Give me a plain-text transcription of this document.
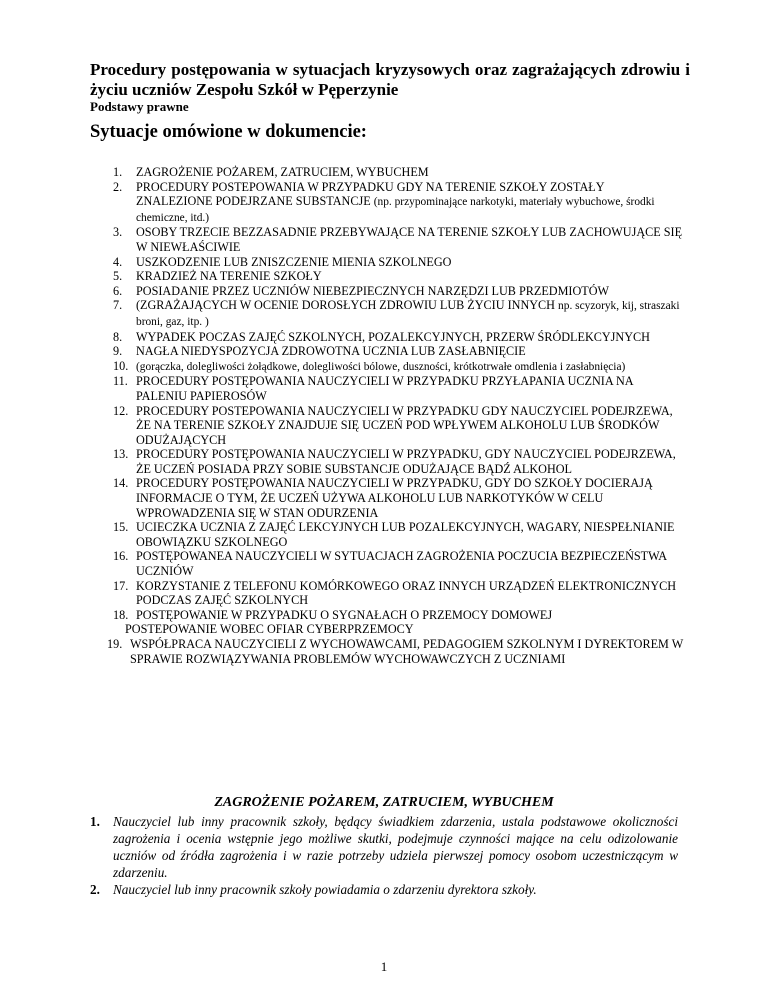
Procedury postępowania w sytuacjach kryzysowych oraz zagrażających zdrowiu i życiu uczniów Zespołu Szkół w Pęperzynie
Podstawy prawne
Sytuacje omówione w dokumencie:
1.	ZAGROŻENIE POŻAREM, ZATRUCIEM, WYBUCHEM
2.	PROCEDURY POSTEPOWANIA W PRZYPADKU GDY NA TERENIE SZKOŁY ZOSTAŁY ZNALEZIONE PODEJRZANE SUBSTANCJE (np. przypominające narkotyki, materiały wybuchowe, środki chemiczne, itd.)
3.	OSOBY TRZECIE BEZZASADNIE PRZEBYWAJĄCE NA TERENIE SZKOŁY LUB ZACHOWUJĄCE SIĘ W NIEWŁAŚCIWIE
4.	USZKODZENIE LUB ZNISZCZENIE MIENIA SZKOLNEGO
5.	KRADZIEŻ NA TERENIE SZKOŁY
6.	POSIADANIE PRZEZ UCZNIÓW NIEBEZPIECZNYCH NARZĘDZI LUB PRZEDMIOTÓW
7.	(ZGRAŻAJĄCYCH W OCENIE DOROSŁYCH ZDROWIU LUB ŻYCIU INNYCH np. scyzoryk, kij, straszaki broni, gaz, itp. )
8.	WYPADEK POCZAS ZAJĘĆ SZKOLNYCH, POZALEKCYJNYCH, PRZERW ŚRÓDLEKCYJNYCH
9.	NAGŁA NIEDYSPOZYCJA ZDROWOTNA UCZNIA LUB ZASŁABNIĘCIE
10. (gorączka, dolegliwości żołądkowe, dolegliwości bólowe, duszności, krótkotrwałe omdlenia i zasłabnięcia)
11. PROCEDURY POSTĘPOWANIA NAUCZYCIELI W PRZYPADKU PRZYŁAPANIA UCZNIA NA PALENIU PAPIEROSÓW
12. PROCEDURY POSTEPOWANIA NAUCZYCIELI W PRZYPADKU GDY NAUCZYCIEL PODEJRZEWA, ŻE NA TERENIE SZKOŁY ZNAJDUJE SIĘ UCZEŃ POD WPŁYWEM ALKOHOLU LUB ŚRODKÓW ODUŻAJĄCYCH
13. PROCEDURY POSTĘPOWANIA NAUCZYCIELI W PRZYPADKU, GDY NAUCZYCIEL PODEJRZEWA, ŻE UCZEŃ POSIADA PRZY SOBIE SUBSTANCJE ODUŻAJĄCE BĄDŹ ALKOHOL
14. PROCEDURY POSTĘPOWANIA NAUCZYCIELI W PRZYPADKU, GDY DO SZKOŁY DOCIERAJĄ INFORMACJE O TYM, ŻE UCZEŃ UŻYWA ALKOHOLU LUB NARKOTYKÓW W CELU WPROWADZENIA SIĘ W STAN ODURZENIA
15. UCIECZKA UCZNIA Z ZAJĘĆ LEKCYJNYCH LUB POZALEKCYJNYCH, WAGARY, NIESPEŁNIANIE OBOWIĄZKU SZKOLNEGO
16. POSTĘPOWANEA NAUCZYCIELI W SYTUACJACH ZAGROŻENIA POCZUCIA BEZPIECZEŃSTWA UCZNIÓW
17. KORZYSTANIE Z TELEFONU KOMÓRKOWEGO ORAZ INNYCH URZĄDZEŃ ELEKTRONICZNYCH PODCZAS ZAJĘĆ SZKOLNYCH
18. POSTĘPOWANIE W PRZYPADKU O SYGNAŁACH O PRZEMOCY DOMOWEJ
POSTEPOWANIE WOBEC OFIAR CYBERPRZEMOCY
19. WSPÓŁPRACA NAUCZYCIELI Z WYCHOWAWCAMI, PEDAGOGIEM SZKOLNYM I DYREKTOREM W SPRAWIE ROZWIĄZYWANIA PROBLEMÓW WYCHOWAWCZYCH Z UCZNIAMI
ZAGROŻENIE POŻAREM, ZATRUCIEM, WYBUCHEM
1. Nauczyciel lub inny pracownik szkoły, będący świadkiem zdarzenia, ustala podstawowe okoliczności zagrożenia i ocenia wstępnie jego możliwe skutki, podejmuje czynności mające na celu odizolowanie uczniów od źródła zagrożenia i w razie potrzeby udziela pierwszej pomocy osobom uczestniczącym w zdarzeniu.
2. Nauczyciel lub inny pracownik szkoły powiadamia o zdarzeniu dyrektora szkoły.
1
